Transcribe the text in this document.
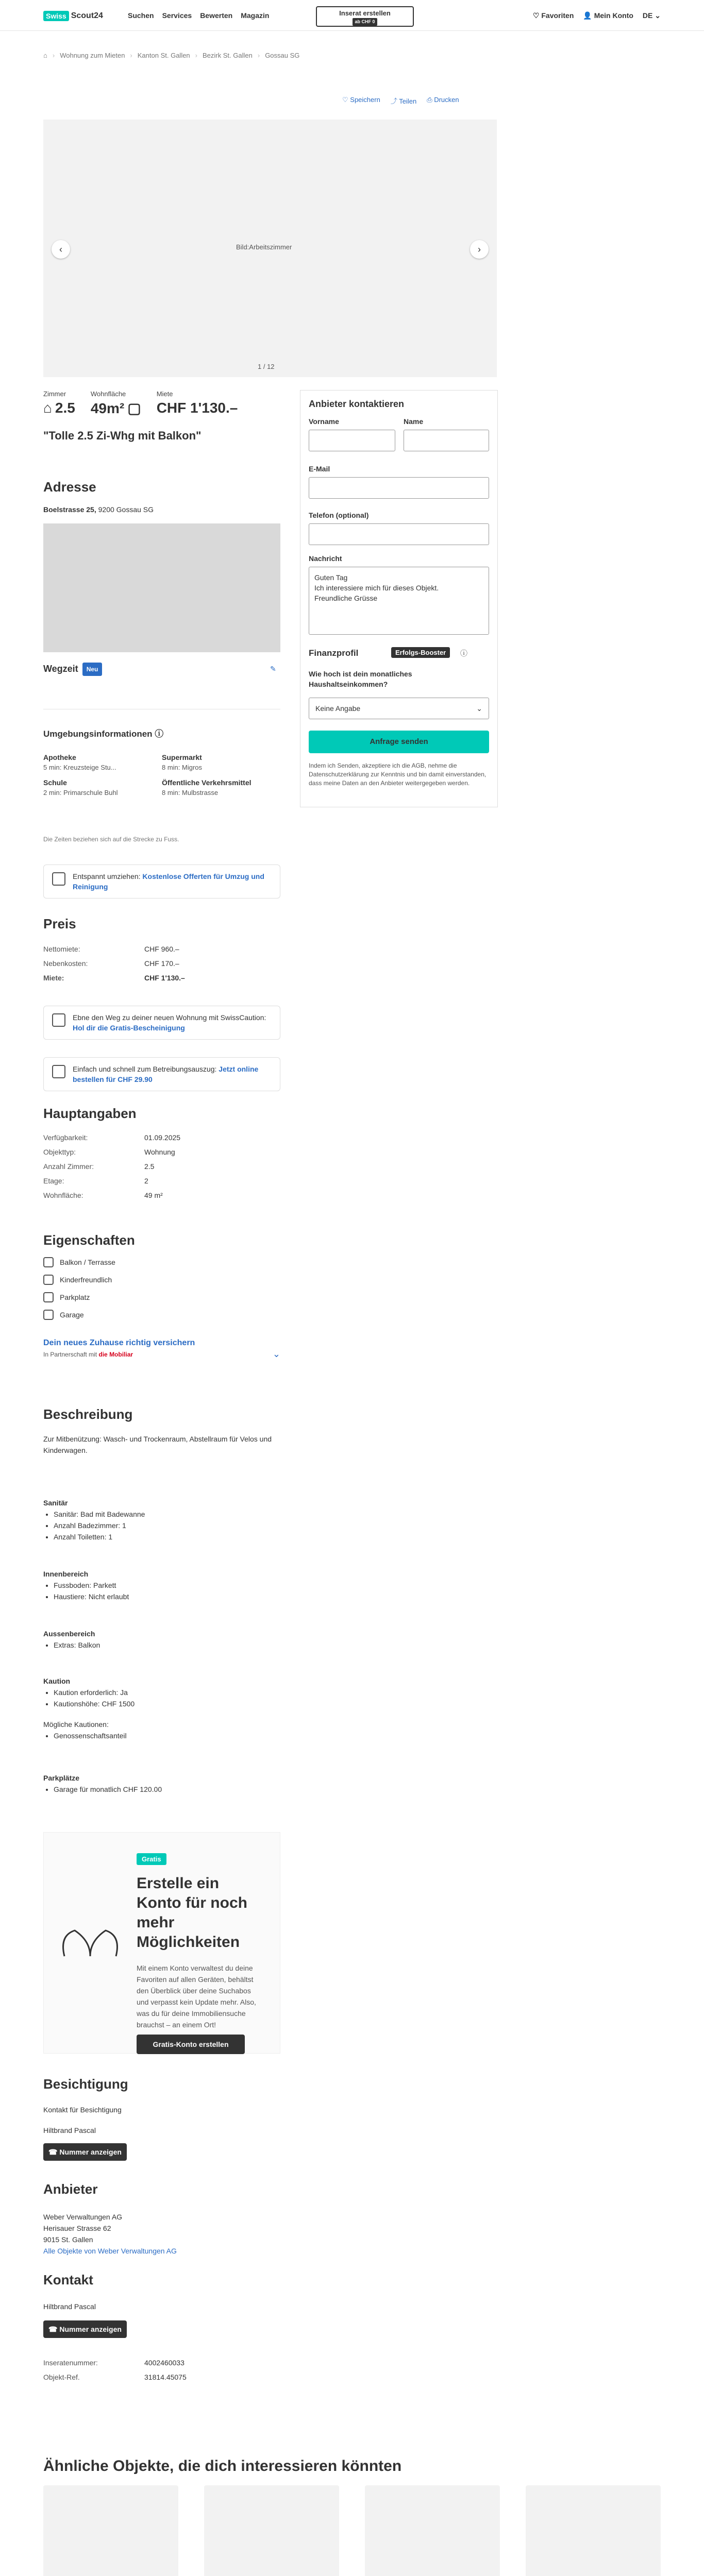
Swiss Scout24	Suchen Services Bewerten Magazin	Inserat erstellen
ab CHF 0
♡ Favoriten 👤 Mein Konto DE ⌄
⌂ › Wohnung zum Mieten › Kanton St. Gallen › Bezirk St. Gallen › Gossau SG
♡ Speichern ⤴ Teilen ⎙ Drucken
Bild:Arbeitszimmer
‹	›
1 / 12
Zimmer
⌂ 2.5
Wohnfläche
49m² ▢
Miete
CHF 1'130.–
"Tolle 2.5 Zi-Whg mit Balkon"
Adresse
Boelstrasse 25, 9200 Gossau SG
Wegzeit Neu	✎
Umgebungsinformationen ⓘ
Apotheke
5 min: Kreuzsteige Stu...
Supermarkt
8 min: Migros
Schule
2 min: Primarschule Buhl
Öffentliche Verkehrsmittel
8 min: Mulbstrasse
Die Zeiten beziehen sich auf die Strecke zu Fuss.
Entspannt umziehen: Kostenlose Offerten für Umzug und Reinigung
Preis
Nettomiete:	CHF 960.–
Nebenkosten:	CHF 170.–
Miete:	CHF 1'130.–
Ebne den Weg zu deiner neuen Wohnung mit SwissCaution: Hol dir die Gratis-Bescheinigung
Einfach und schnell zum Betreibungsauszug: Jetzt online bestellen für CHF 29.90
Hauptangaben
Verfügbarkeit:	01.09.2025
Objekttyp:	Wohnung
Anzahl Zimmer:	2.5
Etage:	2
Wohnfläche:	49 m²
Eigenschaften
Balkon / Terrasse
Kinderfreundlich
Parkplatz
Garage
Dein neues Zuhause richtig versichern
In Partnerschaft mit die Mobiliar	⌄
Beschreibung
Zur Mitbenützung: Wasch- und Trockenraum, Abstellraum für Velos und Kinderwagen.
Sanitär
• Sanitär: Bad mit Badewanne
• Anzahl Badezimmer: 1
• Anzahl Toiletten: 1
Innenbereich
• Fussboden: Parkett
• Haustiere: Nicht erlaubt
Aussenbereich
• Extras: Balkon
Kaution
• Kaution erforderlich: Ja
• Kautionshöhe: CHF 1500
Mögliche Kautionen:
• Genossenschaftsanteil
Parkplätze
• Garage für monatlich CHF 120.00
Gratis
Erstelle ein Konto für noch mehr Möglichkeiten

Mit einem Konto verwaltest du deine Favoriten auf allen Geräten, behältst den Überblick über deine Suchabos und verpasst kein Update mehr. Also, was du für deine Immobiliensuche brauchst – an einem Ort!

Gratis-Konto erstellen
Besichtigung
Kontakt für Besichtigung
Hiltbrand Pascal
☎ Nummer anzeigen
Anbieter
Weber Verwaltungen AG
Herisauer Strasse 62
9015 St. Gallen
Alle Objekte von Weber Verwaltungen AG
Kontakt
Hiltbrand Pascal
☎ Nummer anzeigen
Inseratenummer:	4002460033
Objekt-Ref.	31814.45075
Ähnliche Objekte, die dich interessieren könnten
Anbieter kontaktieren
Vorname	Name
E-Mail
Telefon (optional)
Nachricht
Guten Tag
Ich interessiere mich für dieses Objekt.
Freundliche Grüsse
Finanzprofil	Erfolgs-Booster	ⓘ
Wie hoch ist dein monatliches Haushaltseinkommen?
Keine Angabe	⌄
Anfrage senden
Indem ich Senden, akzeptiere ich die AGB, nehme die Datenschutzerklärung zur Kenntnis und bin damit einverstanden, dass meine Daten an den Anbieter weitergegeben werden.
